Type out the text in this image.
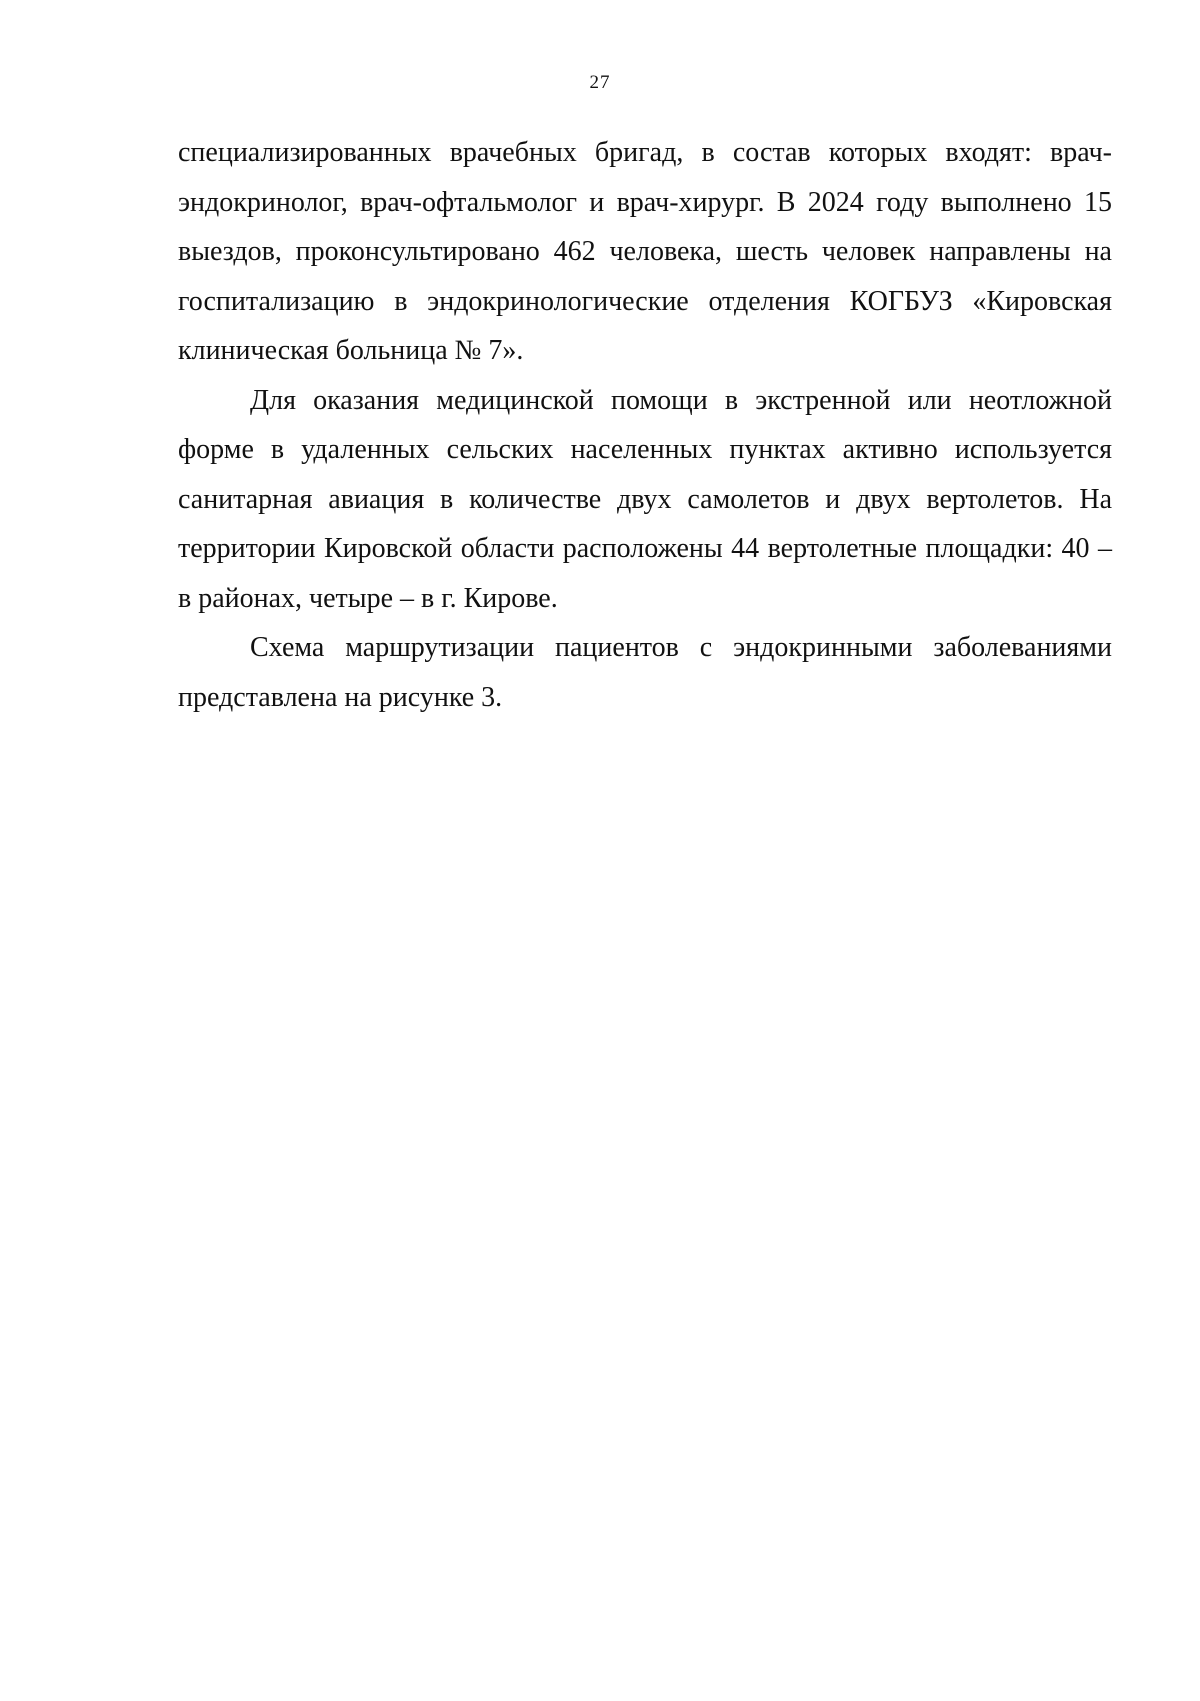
27

специализированных врачебных бригад, в состав которых входят: врач-эндокринолог, врач-офтальмолог и врач-хирург. В 2024 году выполнено 15 выездов, проконсультировано 462 человека, шесть человек направлены на госпитализацию в эндокринологические отделения КОГБУЗ «Кировская клиническая больница № 7».

Для оказания медицинской помощи в экстренной или неотложной форме в удаленных сельских населенных пунктах активно используется санитарная авиация в количестве двух самолетов и двух вертолетов. На территории Кировской области расположены 44 вертолетные площадки: 40 – в районах, четыре – в г. Кирове.

Схема маршрутизации пациентов с эндокринными заболеваниями представлена на рисунке 3.
